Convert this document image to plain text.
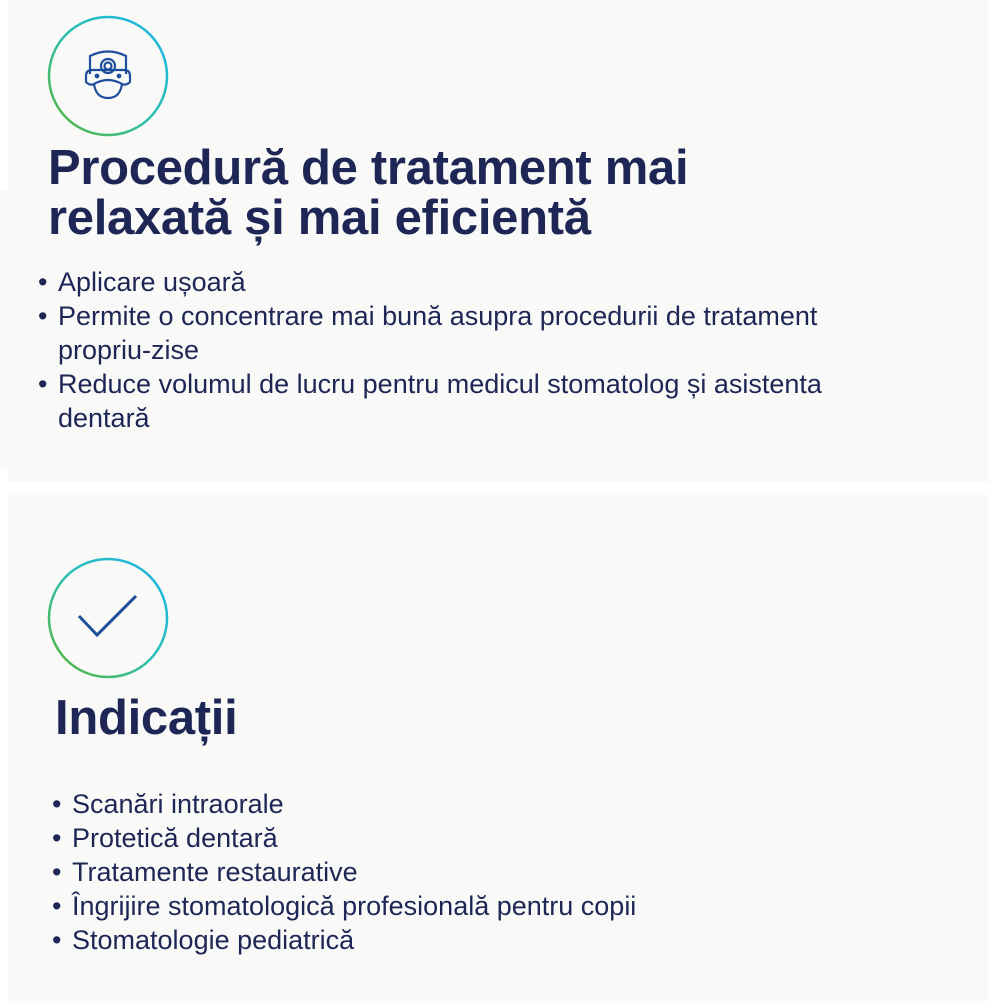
Procedură de tratament mai
relaxată și mai eficientă
• Aplicare ușoară
• Permite o concentrare mai bună asupra procedurii de tratament propriu-zise
• Reduce volumul de lucru pentru medicul stomatolog și asistenta dentară
Indicații
• Scanări intraorale
• Protetică dentară
• Tratamente restaurative
• Îngrijire stomatologică profesională pentru copii
• Stomatologie pediatrică
